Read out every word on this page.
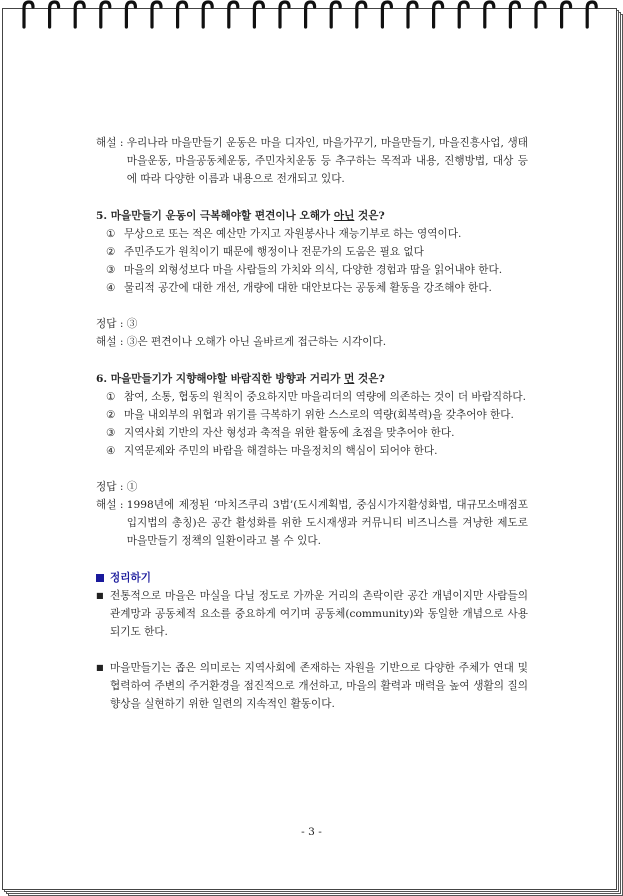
해설 : 우리나라 마을만들기 운동은 마을 디자인, 마을가꾸기, 마을만들기, 마을진흥사업, 생태마을운동, 마을공동체운동, 주민자치운동 등 추구하는 목적과 내용, 진행방법, 대상 등에 따라 다양한 이름과 내용으로 전개되고 있다.

5. 마을만들기 운동이 극복해야할 편견이나 오해가 아닌 것은?

① 무상으로 또는 적은 예산만 가지고 자원봉사나 재능기부로 하는 영역이다.
② 주민주도가 원칙이기 때문에 행정이나 전문가의 도움은 필요 없다
③ 마을의 외형성보다 마을 사람들의 가치와 의식, 다양한 경험과 땀을 읽어내야 한다.
④ 물리적 공간에 대한 개선, 개량에 대한 대안보다는 공동체 활동을 강조해야 한다.
정답 : ③
해설 : ③은 편견이나 오해가 아닌 올바르게 접근하는 시각이다.

6. 마을만들기가 지향해야할 바람직한 방향과 거리가 먼 것은?

① 참여, 소통, 협동의 원칙이 중요하지만 마을리더의 역량에 의존하는 것이 더 바람직하다.
② 마을 내외부의 위협과 위기를 극복하기 위한 스스로의 역량(회복력)을 갖추어야 한다.
③ 지역사회 기반의 자산 형성과 축적을 위한 활동에 초점을 맞추어야 한다.
④ 지역문제와 주민의 바람을 해결하는 마을정치의 핵심이 되어야 한다.
정답 : ①
해설 : 1998년에 제정된 ‘마치즈쿠리 3법’(도시계획법, 중심시가지활성화법, 대규모소매점포입지법의 총칭)은 공간 활성화를 위한 도시재생과 커뮤니티 비즈니스를 겨냥한 제도로 마을만들기 정책의 일환이라고 볼 수 있다.
정리하기
■ 전통적으로 마을은 마실을 다닐 정도로 가까운 거리의 촌락이란 공간 개념이지만 사람들의 관계망과 공동체적 요소를 중요하게 여기며 공동체(community)와 동일한 개념으로 사용되기도 한다.
■ 마을만들기는 좁은 의미로는 지역사회에 존재하는 자원을 기반으로 다양한 주체가 연대 및 협력하여 주변의 주거환경을 점진적으로 개선하고, 마을의 활력과 매력을 높여 생활의 질의 향상을 실현하기 위한 일련의 지속적인 활동이다.
- 3 -
